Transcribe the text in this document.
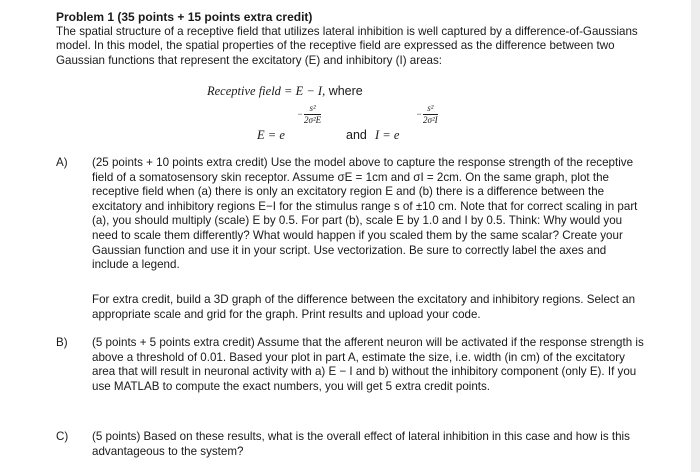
Problem 1 (35 points + 15 points extra credit)

The spatial structure of a receptive field that utilizes lateral inhibition is well captured by a difference-of-Gaussians model. In this model, the spatial properties of the receptive field are expressed as the difference between two Gaussian functions that represent the excitatory (E) and inhibitory (I) areas:

Receptive field = E − I, where
E = e
−
s²
2σ²E
and I = e
−
s²
2σ²I
A) (25 points + 10 points extra credit) Use the model above to capture the response strength of the receptive field of a somatosensory skin receptor. Assume σE = 1cm and σI = 2cm. On the same graph, plot the receptive field when (a) there is only an excitatory region E and (b) there is a difference between the excitatory and inhibitory regions E−I for the stimulus range s of ±10 cm. Note that for correct scaling in part (a), you should multiply (scale) E by 0.5. For part (b), scale E by 1.0 and I by 0.5. Think: Why would you need to scale them differently? What would happen if you scaled them by the same scalar? Create your Gaussian function and use it in your script. Use vectorization. Be sure to correctly label the axes and include a legend.
For extra credit, build a 3D graph of the difference between the excitatory and inhibitory regions. Select an appropriate scale and grid for the graph. Print results and upload your code.
B) (5 points + 5 points extra credit) Assume that the afferent neuron will be activated if the response strength is above a threshold of 0.01. Based your plot in part A, estimate the size, i.e. width (in cm) of the excitatory area that will result in neuronal activity with a) E − I and b) without the inhibitory component (only E). If you use MATLAB to compute the exact numbers, you will get 5 extra credit points.
C) (5 points) Based on these results, what is the overall effect of lateral inhibition in this case and how is this advantageous to the system?
